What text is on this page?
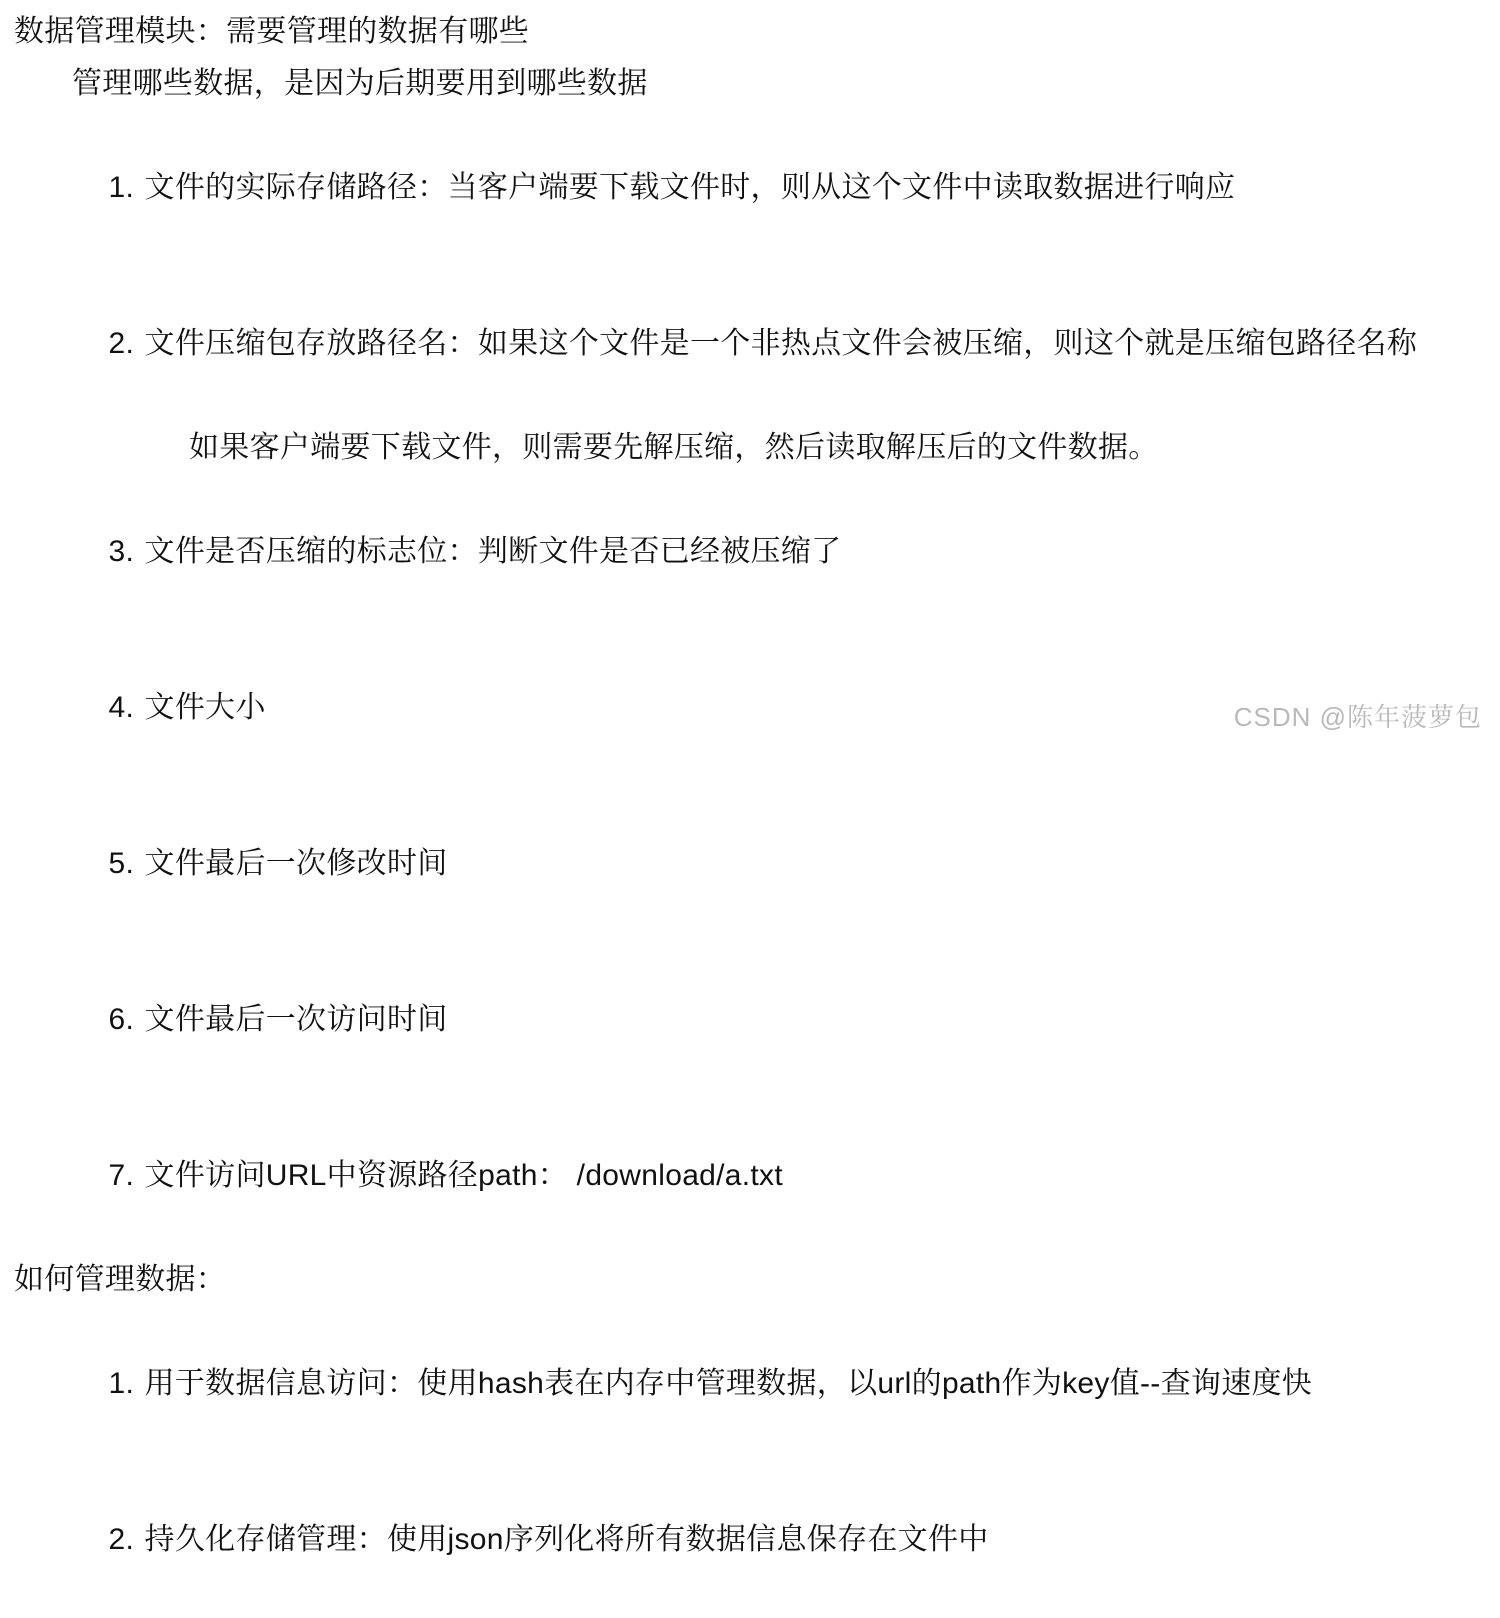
数据管理模块：需要管理的数据有哪些
管理哪些数据，是因为后期要用到哪些数据

1. 文件的实际存储路径：当客户端要下载文件时，则从这个文件中读取数据进行响应

2. 文件压缩包存放路径名：如果这个文件是一个非热点文件会被压缩，则这个就是压缩包路径名称

如果客户端要下载文件，则需要先解压缩，然后读取解压后的文件数据。

3. 文件是否压缩的标志位：判断文件是否已经被压缩了

4. 文件大小

5. 文件最后一次修改时间

6. 文件最后一次访问时间

7. 文件访问URL中资源路径path： /download/a.txt

如何管理数据：

1. 用于数据信息访问：使用hash表在内存中管理数据，以url的path作为key值--查询速度快

2. 持久化存储管理：使用json序列化将所有数据信息保存在文件中

CSDN @陈年菠萝包
